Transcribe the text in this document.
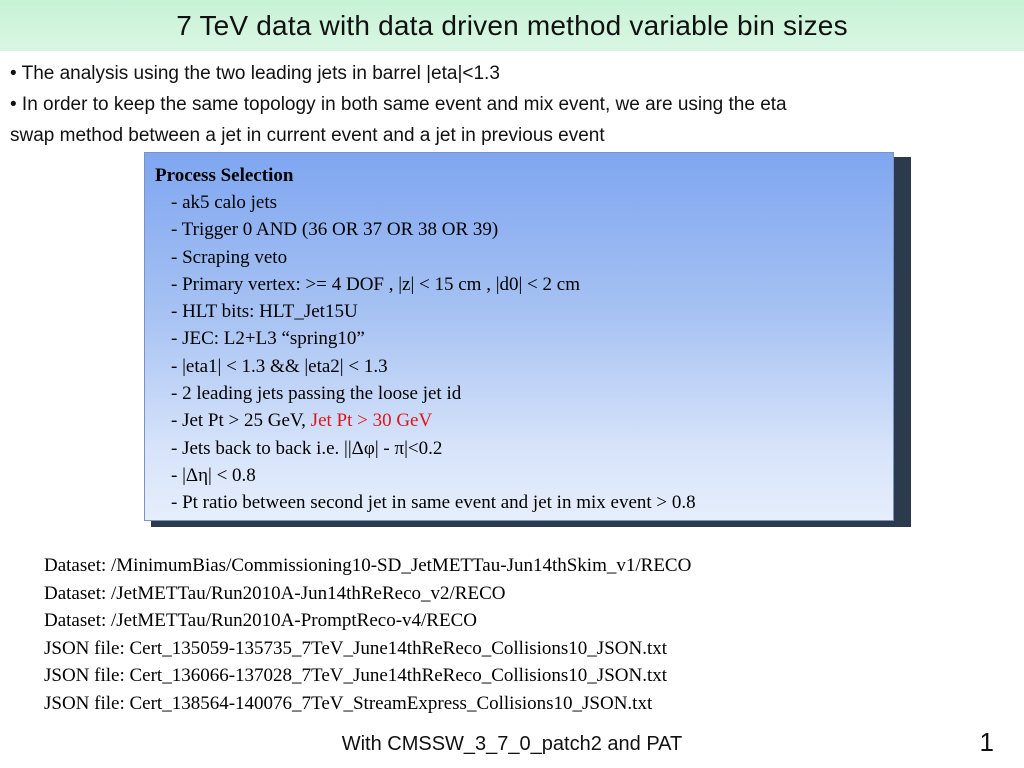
7 TeV data with data driven method variable bin sizes
• The analysis using the two leading jets in barrel |eta|<1.3
• In order to keep the same topology in both same event and mix event, we are using the eta
swap method between a jet in current event and a jet in previous event
Process Selection
- ak5 calo jets
- Trigger 0 AND (36 OR 37 OR 38 OR 39)
- Scraping veto
- Primary vertex: >= 4 DOF , |z| < 15 cm , |d0| < 2 cm
- HLT bits: HLT_Jet15U
- JEC: L2+L3 “spring10”
- |eta1| < 1.3 && |eta2| < 1.3
- 2 leading jets passing the loose jet id
- Jet Pt > 25 GeV, Jet Pt > 30 GeV
- Jets back to back i.e. ||Δφ| - π|<0.2
- |Δη| < 0.8
- Pt ratio between second jet in same event and jet in mix event > 0.8
Dataset: /MinimumBias/Commissioning10-SD_JetMETTau-Jun14thSkim_v1/RECO
Dataset: /JetMETTau/Run2010A-Jun14thReReco_v2/RECO
Dataset: /JetMETTau/Run2010A-PromptReco-v4/RECO
JSON file: Cert_135059-135735_7TeV_June14thReReco_Collisions10_JSON.txt
JSON file: Cert_136066-137028_7TeV_June14thReReco_Collisions10_JSON.txt
JSON file: Cert_138564-140076_7TeV_StreamExpress_Collisions10_JSON.txt
With CMSSW_3_7_0_patch2 and PAT	1
